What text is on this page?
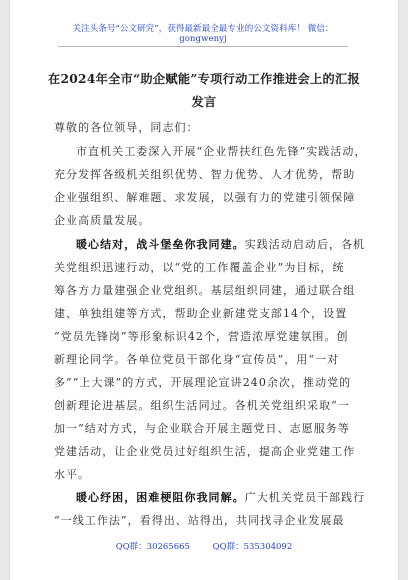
关注头条号“公文研究”，获得最新最全最专业的公文资料库！ 微信：gongwenyj
在2024年全市“助企赋能”专项行动工作推进会上的汇报
发言
尊敬的各位领导，同志们：
市直机关工委深入开展“企业帮扶红色先锋”实践活动，
充分发挥各级机关组织优势、智力优势、人才优势，帮助
企业强组织、解难题、求发展，以强有力的党建引领保障
企业高质量发展。
暖心结对，战斗堡垒你我同建。实践活动启动后，各机
关党组织迅速行动，以“党的工作覆盖企业”为目标，统
筹各方力量建强企业党组织。基层组织同建，通过联合组
建、单独组建等方式，帮助企业新建党支部14个，设置
“党员先锋岗”等形象标识42个，营造浓厚党建氛围。创
新理论同学。各单位党员干部化身“宣传员”，用“一对
多”“上大课”的方式，开展理论宣讲240余次，推动党的
创新理论进基层。组织生活同过。各机关党组织采取“一
加一”结对方式，与企业联合开展主题党日、志愿服务等
党建活动，让企业党员过好组织生活，提高企业党建工作
水平。
暖心纾困，困难梗阻你我同解。广大机关党员干部践行
“一线工作法”，看得出、站得出，共同找寻企业发展最
QQ群：30265665	QQ群：535304092
